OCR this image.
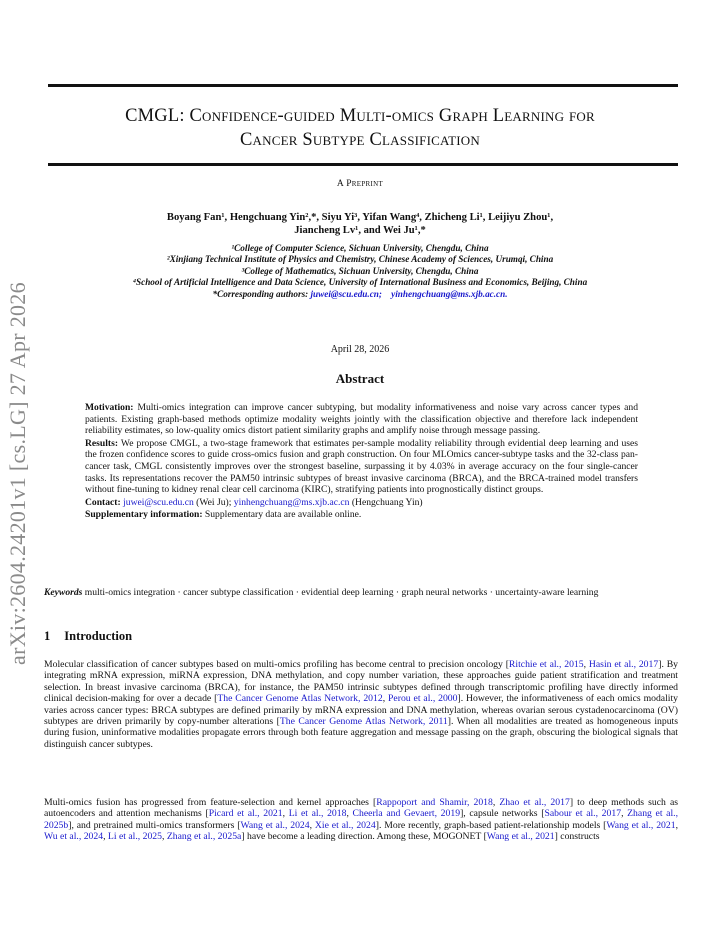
arXiv:2604.24201v1 [cs.LG] 27 Apr 2026
CMGL: Confidence-guided Multi-omics Graph Learning for
Cancer Subtype Classification
A Preprint
Boyang Fan¹, Hengchuang Yin²,*, Siyu Yi³, Yifan Wang⁴, Zhicheng Li¹, Leijiyu Zhou¹,
Jiancheng Lv¹, and Wei Ju¹,*
¹College of Computer Science, Sichuan University, Chengdu, China
²Xinjiang Technical Institute of Physics and Chemistry, Chinese Academy of Sciences, Urumqi, China
³College of Mathematics, Sichuan University, Chengdu, China
⁴School of Artificial Intelligence and Data Science, University of International Business and Economics, Beijing, China
*Corresponding authors: juwei@scu.edu.cn; yinhengchuang@ms.xjb.ac.cn.
April 28, 2026
Abstract

Motivation: Multi-omics integration can improve cancer subtyping, but modality informativeness and noise vary across cancer types and patients. Existing graph-based methods optimize modality weights jointly with the classification objective and therefore lack independent reliability estimates, so low-quality omics distort patient similarity graphs and amplify noise through message passing.

Results: We propose CMGL, a two-stage framework that estimates per-sample modality reliability through evidential deep learning and uses the frozen confidence scores to guide cross-omics fusion and graph construction. On four MLOmics cancer-subtype tasks and the 32-class pan-cancer task, CMGL consistently improves over the strongest baseline, surpassing it by 4.03% in average accuracy on the four single-cancer tasks. Its representations recover the PAM50 intrinsic subtypes of breast invasive carcinoma (BRCA), and the BRCA-trained model transfers without fine-tuning to kidney renal clear cell carcinoma (KIRC), stratifying patients into prognostically distinct groups.

Contact: juwei@scu.edu.cn (Wei Ju); yinhengchuang@ms.xjb.ac.cn (Hengchuang Yin)

Supplementary information: Supplementary data are available online.

Keywords multi-omics integration · cancer subtype classification · evidential deep learning · graph neural networks · uncertainty-aware learning
1 Introduction

Molecular classification of cancer subtypes based on multi-omics profiling has become central to precision oncology [Ritchie et al., 2015, Hasin et al., 2017]. By integrating mRNA expression, miRNA expression, DNA methylation, and copy number variation, these approaches guide patient stratification and treatment selection. In breast invasive carcinoma (BRCA), for instance, the PAM50 intrinsic subtypes defined through transcriptomic profiling have directly informed clinical decision-making for over a decade [The Cancer Genome Atlas Network, 2012, Perou et al., 2000]. However, the informativeness of each omics modality varies across cancer types: BRCA subtypes are defined primarily by mRNA expression and DNA methylation, whereas ovarian serous cystadenocarcinoma (OV) subtypes are driven primarily by copy-number alterations [The Cancer Genome Atlas Network, 2011]. When all modalities are treated as homogeneous inputs during fusion, uninformative modalities propagate errors through both feature aggregation and message passing on the graph, obscuring the biological signals that distinguish cancer subtypes.

Multi-omics fusion has progressed from feature-selection and kernel approaches [Rappoport and Shamir, 2018, Zhao et al., 2017] to deep methods such as autoencoders and attention mechanisms [Picard et al., 2021, Li et al., 2018, Cheerla and Gevaert, 2019], capsule networks [Sabour et al., 2017, Zhang et al., 2025b], and pretrained multi-omics transformers [Wang et al., 2024, Xie et al., 2024]. More recently, graph-based patient-relationship models [Wang et al., 2021, Wu et al., 2024, Li et al., 2025, Zhang et al., 2025a] have become a leading direction. Among these, MOGONET [Wang et al., 2021] constructs
